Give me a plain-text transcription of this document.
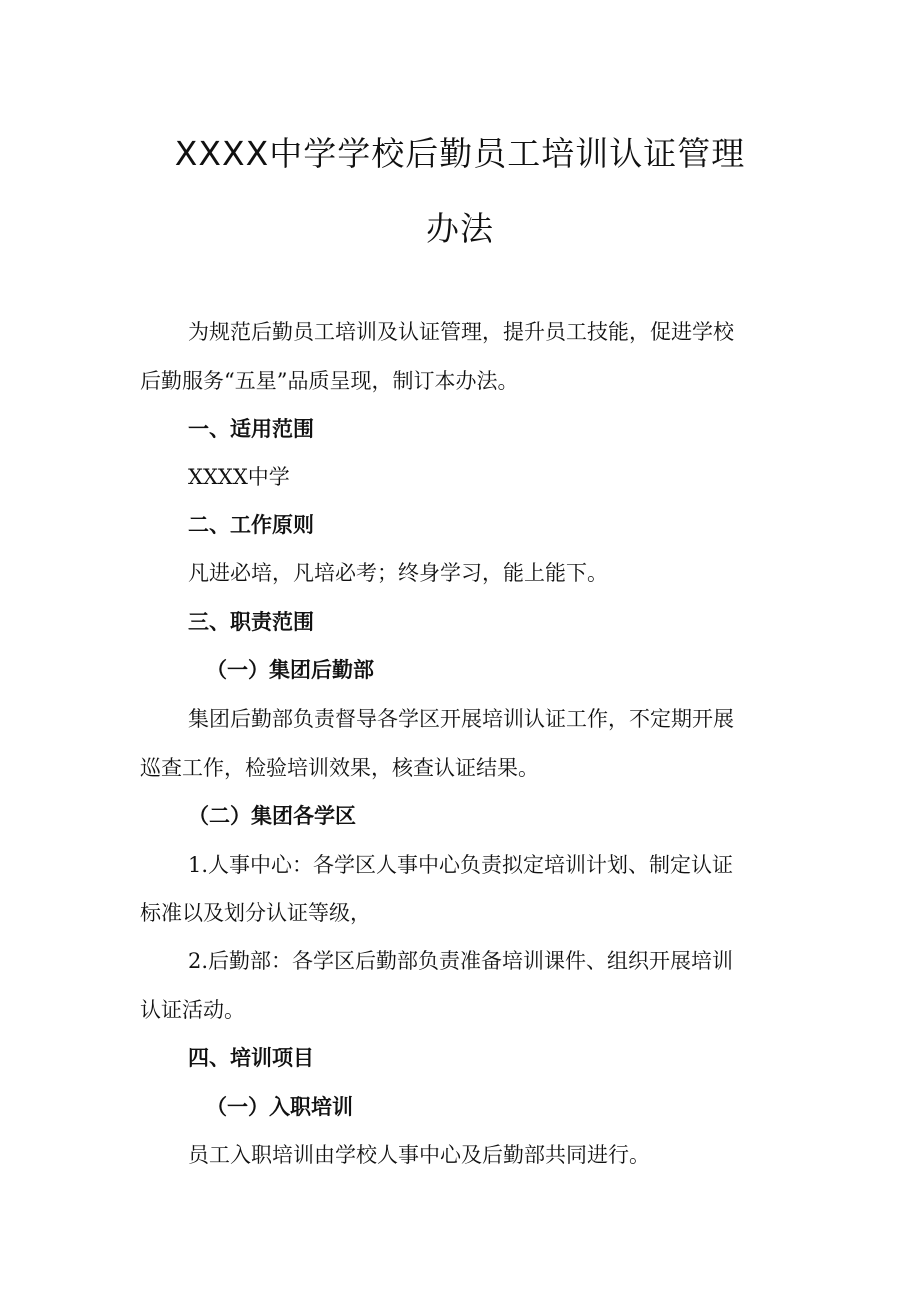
XXXX中学学校后勤员工培训认证管理
办法
为规范后勤员工培训及认证管理，提升员工技能，促进学校
后勤服务“五星”品质呈现，制订本办法。
一、适用范围
XXXX中学
二、工作原则
凡进必培，凡培必考；终身学习，能上能下。
三、职责范围
（一）集团后勤部
集团后勤部负责督导各学区开展培训认证工作，不定期开展
巡查工作，检验培训效果，核查认证结果。
（二）集团各学区
1.人事中心：各学区人事中心负责拟定培训计划、制定认证
标准以及划分认证等级，
2.后勤部：各学区后勤部负责准备培训课件、组织开展培训
认证活动。
四、培训项目
（一）入职培训
员工入职培训由学校人事中心及后勤部共同进行。
